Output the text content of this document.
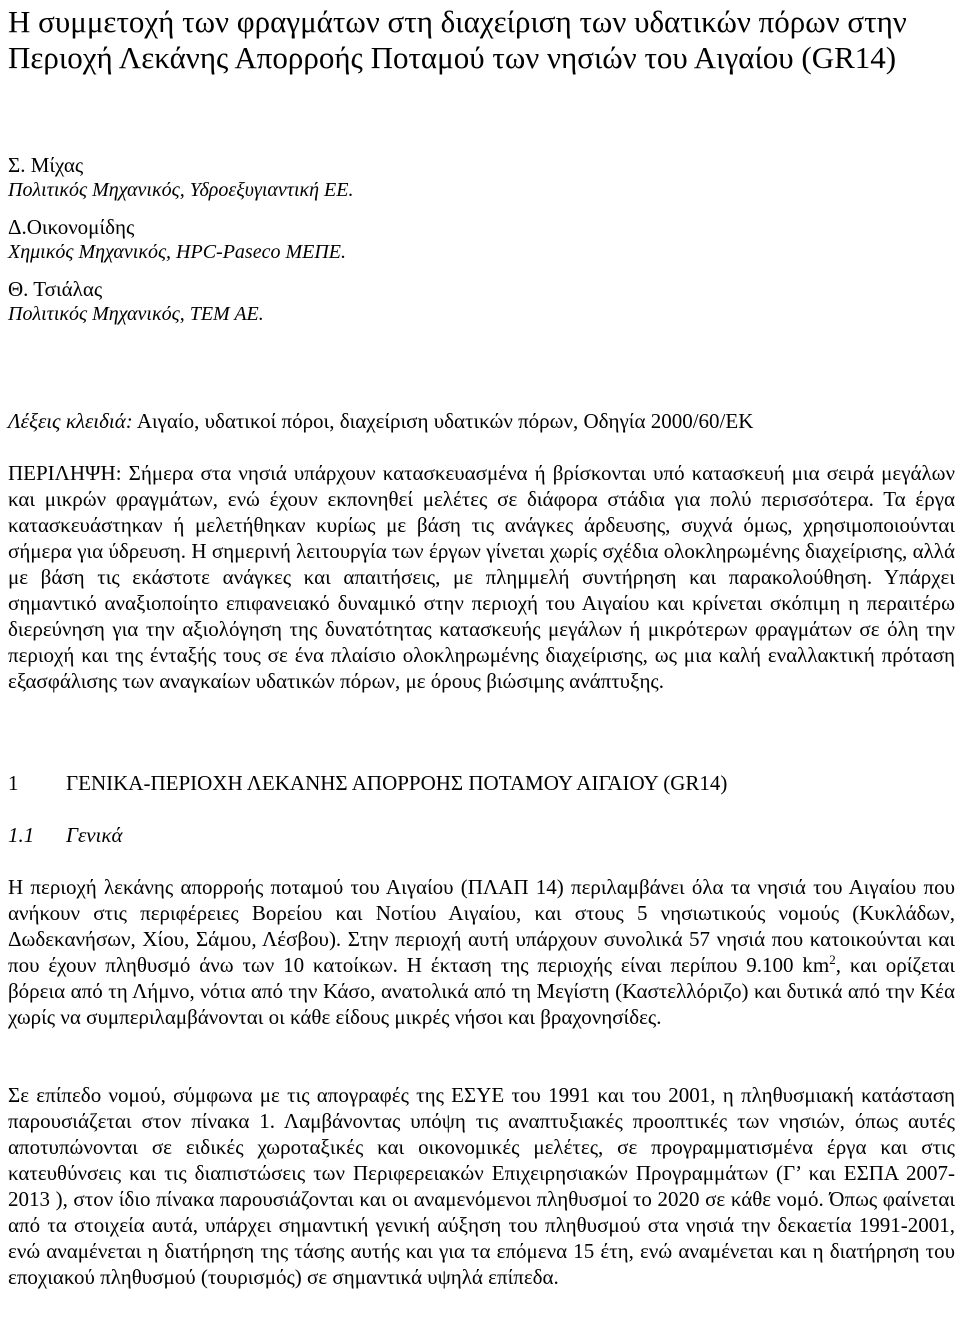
Η συμμετοχή των φραγμάτων στη διαχείριση των υδατικών πόρων στην Περιοχή Λεκάνης Απορροής Ποταμού των νησιών του Αιγαίου (GR14)
Σ. Μίχας
Πολιτικός Μηχανικός, Υδροεξυγιαντική ΕΕ.
Δ.Οικονομίδης
Χημικός Μηχανικός, HPC-Paseco ΜΕΠΕ.
Θ. Τσιάλας
Πολιτικός Μηχανικός, ΤΕΜ ΑΕ.
Λέξεις κλειδιά: Αιγαίο, υδατικοί πόροι, διαχείριση υδατικών πόρων, Οδηγία 2000/60/ΕΚ

ΠΕΡΙΛΗΨΗ: Σήμερα στα νησιά υπάρχουν κατασκευασμένα ή βρίσκονται υπό κατασκευή μια σειρά μεγάλων και μικρών φραγμάτων, ενώ έχουν εκπονηθεί μελέτες σε διάφορα στάδια για πολύ περισσότερα. Τα έργα κατασκευάστηκαν ή μελετήθηκαν κυρίως με βάση τις ανάγκες άρδευσης, συχνά όμως, χρησιμοποιούνται σήμερα για ύδρευση. Η σημερινή λειτουργία των έργων γίνεται χωρίς σχέδια ολοκληρωμένης διαχείρισης, αλλά με βάση τις εκάστοτε ανάγκες και απαιτήσεις, με πλημμελή συντήρηση και παρακολούθηση. Υπάρχει σημαντικό αναξιοποίητο επιφανειακό δυναμικό στην περιοχή του Αιγαίου και κρίνεται σκόπιμη η περαιτέρω διερεύνηση για την αξιολόγηση της δυνατότητας κατασκευής μεγάλων ή μικρότερων φραγμάτων σε όλη την περιοχή και της ένταξής τους σε ένα πλαίσιο ολοκληρωμένης διαχείρισης, ως μια καλή εναλλακτική πρόταση εξασφάλισης των αναγκαίων υδατικών πόρων, με όρους βιώσιμης ανάπτυξης.

1 ΓΕΝΙΚΑ-ΠΕΡΙΟΧΗ ΛΕΚΑΝΗΣ ΑΠΟΡΡΟΗΣ ΠΟΤΑΜΟΥ ΑΙΓΑΙΟΥ (GR14)
1.1 Γενικά

Η περιοχή λεκάνης απορροής ποταμού του Αιγαίου (ΠΛΑΠ 14) περιλαμβάνει όλα τα νησιά του Αιγαίου που ανήκουν στις περιφέρειες Βορείου και Νοτίου Αιγαίου, και στους 5 νησιωτικούς νομούς (Κυκλάδων, Δωδεκανήσων, Χίου, Σάμου, Λέσβου). Στην περιοχή αυτή υπάρχουν συνολικά 57 νησιά που κατοικούνται και που έχουν πληθυσμό άνω των 10 κατοίκων. Η έκταση της περιοχής είναι περίπου 9.100 $km^2$, και ορίζεται βόρεια από τη Λήμνο, νότια από την Κάσο, ανατολικά από τη Μεγίστη (Καστελλόριζο) και δυτικά από την Κέα χωρίς να συμπεριλαμβάνονται οι κάθε είδους μικρές νήσοι και βραχονησίδες.

Σε επίπεδο νομού, σύμφωνα με τις απογραφές της ΕΣΥΕ του 1991 και του 2001, η πληθυσμιακή κατάσταση παρουσιάζεται στον πίνακα 1. Λαμβάνοντας υπόψη τις αναπτυξιακές προοπτικές των νησιών, όπως αυτές αποτυπώνονται σε ειδικές χωροταξικές και οικονομικές μελέτες, σε προγραμματισμένα έργα και στις κατευθύνσεις και τις διαπιστώσεις των Περιφερειακών Επιχειρησιακών Προγραμμάτων (Γ’ και ΕΣΠΑ 2007-2013 ), στον ίδιο πίνακα παρουσιάζονται και οι αναμενόμενοι πληθυσμοί το 2020 σε κάθε νομό. Όπως φαίνεται από τα στοιχεία αυτά, υπάρχει σημαντική γενική αύξηση του πληθυσμού στα νησιά την δεκαετία 1991-2001, ενώ αναμένεται η διατήρηση της τάσης αυτής και για τα επόμενα 15 έτη, ενώ αναμένεται και η διατήρηση του εποχιακού πληθυσμού (τουρισμός) σε σημαντικά υψηλά επίπεδα.
